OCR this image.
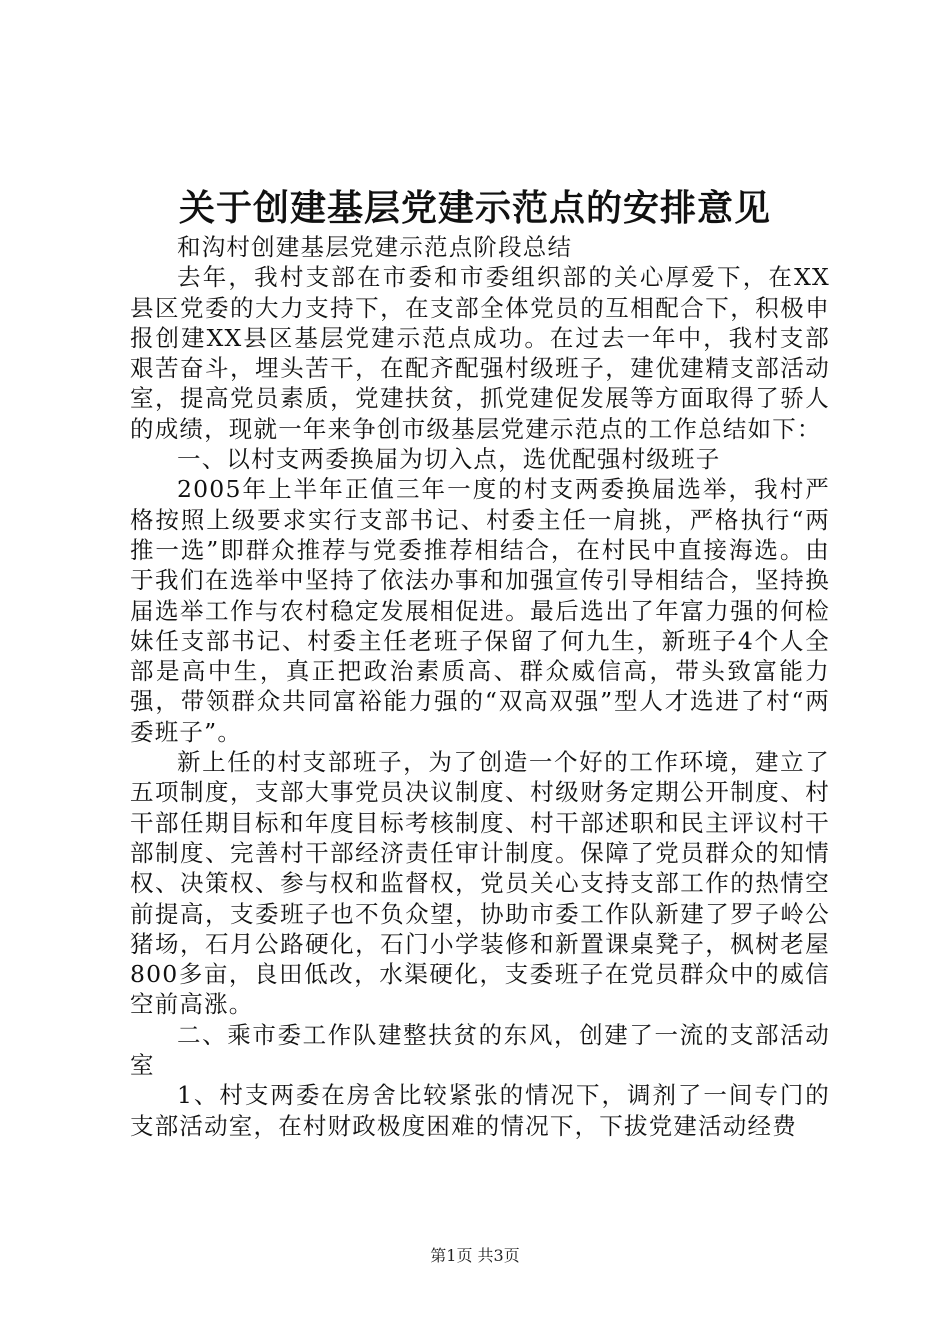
关于创建基层党建示范点的安排意见

和沟村创建基层党建示范点阶段总结

去年，我村支部在市委和市委组织部的关心厚爱下，在XX县区党委的大力支持下，在支部全体党员的互相配合下，积极申报创建XX县区基层党建示范点成功。在过去一年中，我村支部艰苦奋斗，埋头苦干，在配齐配强村级班子，建优建精支部活动室，提高党员素质，党建扶贫，抓党建促发展等方面取得了骄人的成绩，现就一年来争创市级基层党建示范点的工作总结如下：

一、以村支两委换届为切入点，选优配强村级班子

2005年上半年正值三年一度的村支两委换届选举，我村严格按照上级要求实行支部书记、村委主任一肩挑，严格执行“两推一选”即群众推荐与党委推荐相结合，在村民中直接海选。由于我们在选举中坚持了依法办事和加强宣传引导相结合，坚持换届选举工作与农村稳定发展相促进。最后选出了年富力强的何检妹任支部书记、村委主任老班子保留了何九生，新班子4个人全部是高中生，真正把政治素质高、群众威信高，带头致富能力强，带领群众共同富裕能力强的“双高双强”型人才选进了村“两委班子”。

新上任的村支部班子，为了创造一个好的工作环境，建立了五项制度，支部大事党员决议制度、村级财务定期公开制度、村干部任期目标和年度目标考核制度、村干部述职和民主评议村干部制度、完善村干部经济责任审计制度。保障了党员群众的知情权、决策权、参与权和监督权，党员关心支持支部工作的热情空前提高，支委班子也不负众望，协助市委工作队新建了罗子岭公猪场，石月公路硬化，石门小学装修和新置课桌凳子，枫树老屋800多亩，良田低改，水渠硬化，支委班子在党员群众中的威信空前高涨。

二、乘市委工作队建整扶贫的东风，创建了一流的支部活动室

1、村支两委在房舍比较紧张的情况下，调剂了一间专门的支部活动室，在村财政极度困难的情况下，下拔党建活动经费

第1页 共3页
